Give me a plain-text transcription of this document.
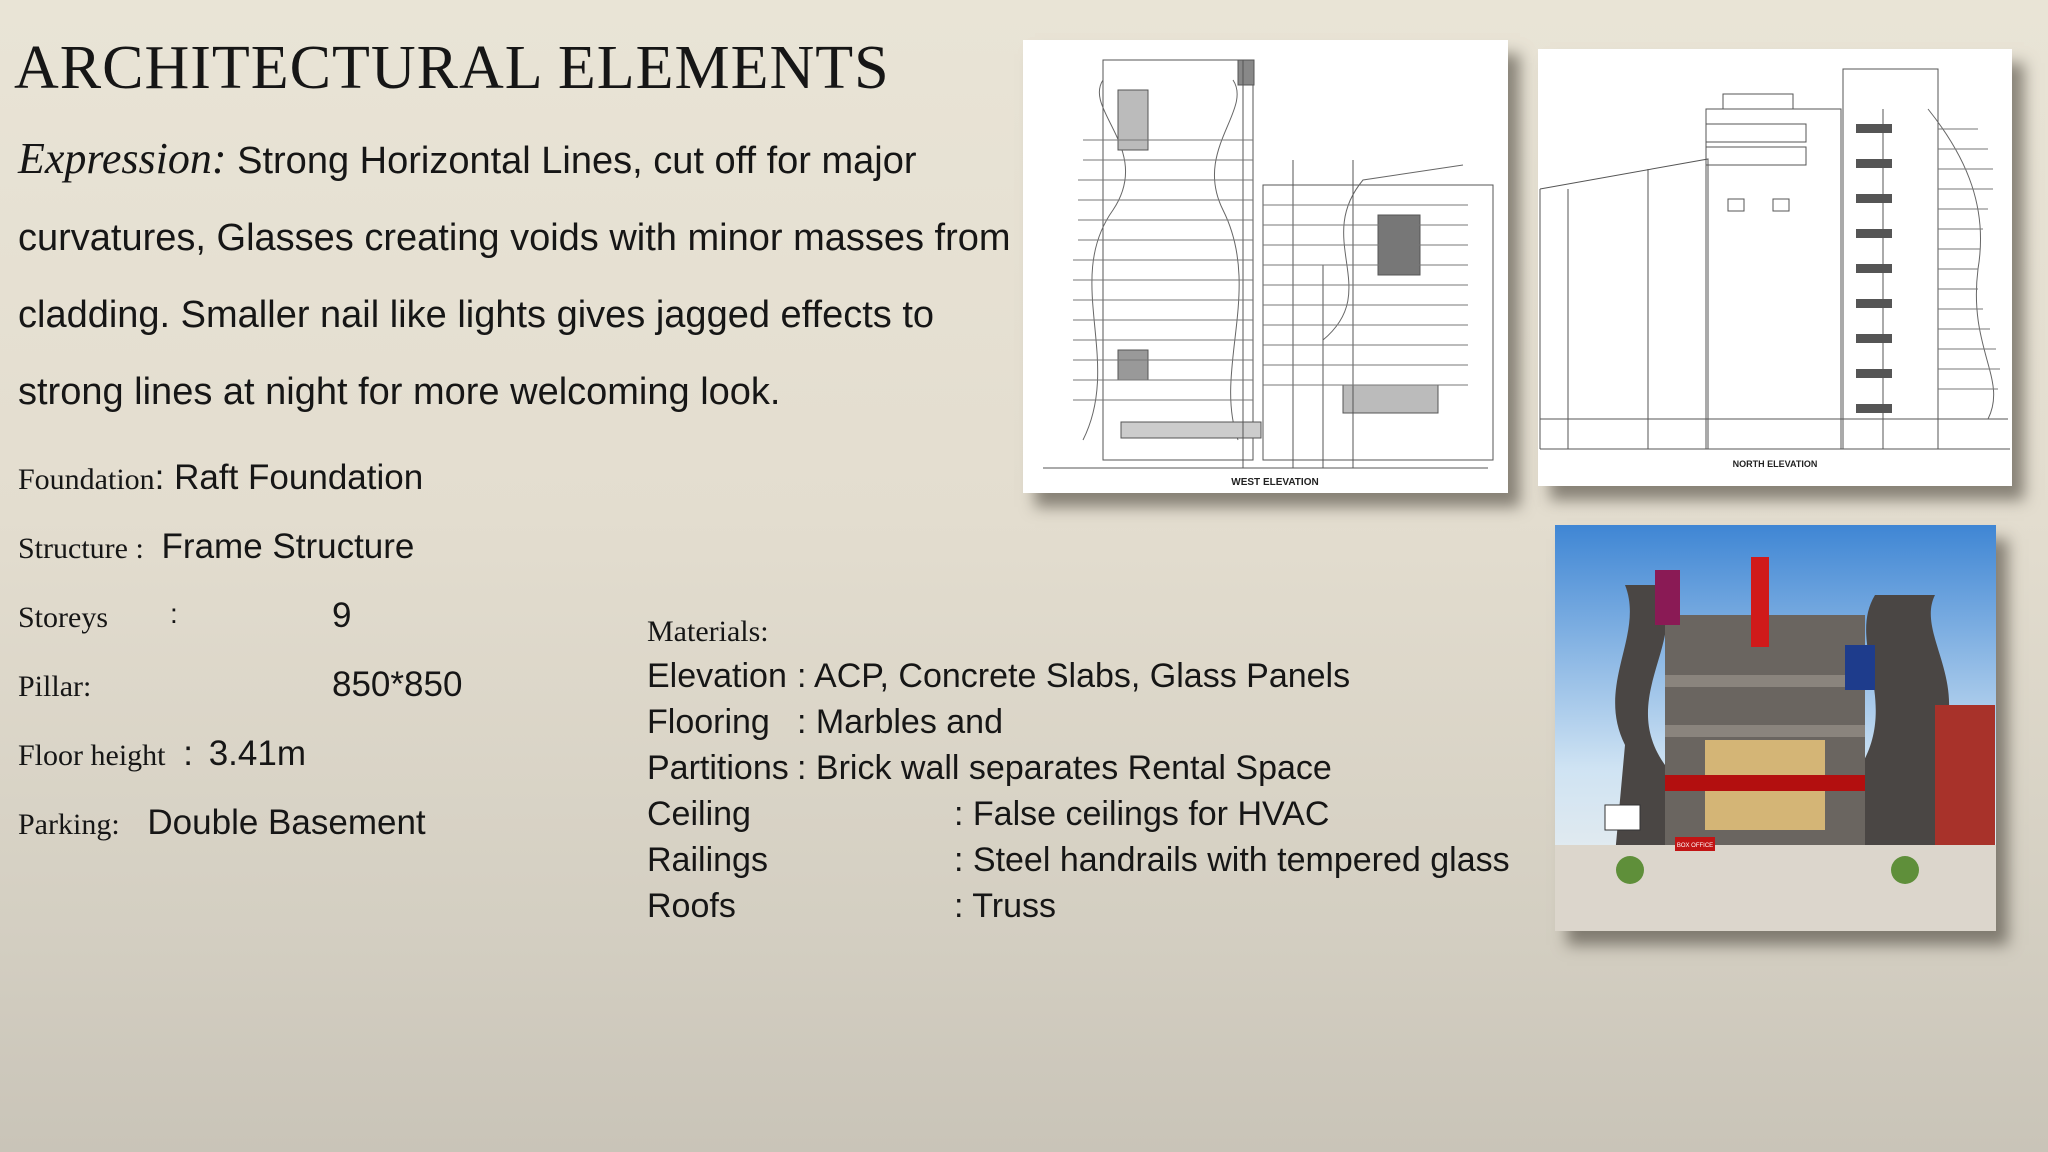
ARCHITECTURAL ELEMENTS

Expression: Strong Horizontal Lines, cut off for major curvatures, Glasses creating voids with minor masses from cladding. Smaller nail like lights gives jagged effects to strong lines at night for more welcoming look.

Foundation: Raft Foundation
Structure : Frame Structure
Storeys :	9
Pillar:	850*850
Floor height : 3.41m
Parking: Double Basement
Materials:
Elevation : ACP, Concrete Slabs, Glass Panels
Flooring : Marbles and
Partitions : Brick wall separates Rental Space
Ceiling	: False ceilings for HVAC
Railings	: Steel handrails with tempered glass
Roofs	: Truss
WEST ELEVATION
NORTH ELEVATION
BOX OFFICE
